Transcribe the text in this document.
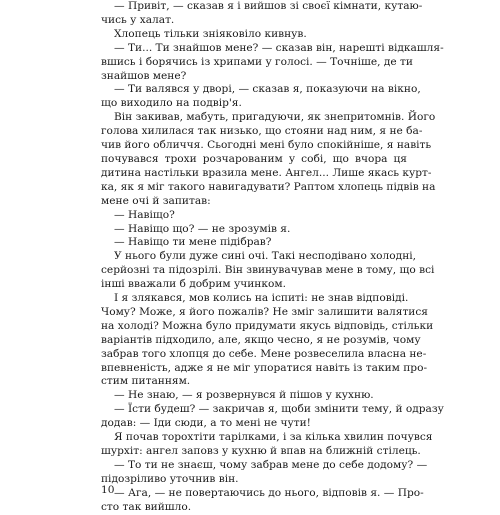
— Привіт, — сказав я і вийшов зі своєї кімнати, кутаю-
чись у халат.
Хлопець тільки зніяковіло кивнув.
— Ти... Ти знайшов мене? — сказав він, нарешті відкашля-
вшись і борячись із хрипами у голосі. — Точніше, де ти
знайшов мене?
— Ти валявся у дворі, — сказав я, показуючи на вікно,
що виходило на подвір'я.
Він закивав, мабуть, пригадуючи, як знепритомнів. Його
голова хилилася так низько, що стояни над ним, я не ба-
чив його обличчя. Сьогодні мені було спокійніше, я навіть
почувався трохи розчарованим у собі, що вчора ця
дитина настільки вразила мене. Ангел... Лише якась курт-
ка, як я міг такого навигадувати? Раптом хлопець підвів на
мене очі й запитав:
— Навіщо?
— Навіщо що? — не зрозумів я.
— Навіщо ти мене підібрав?
У нього були дуже сині очі. Такі несподівано холодні,
серйозні та підозрілі. Він звинувачував мене в тому, що всі
інші вважали б добрим учинком.
І я злякався, мов колись на іспиті: не знав відповіді.
Чому? Може, я його пожалів? Не зміг залишити валятися
на холоді? Можна було придумати якусь відповідь, стільки
варіантів підходило, але, якщо чесно, я не розумів, чому
забрав того хлопця до себе. Мене розвеселила власна не-
впевненість, адже я не міг упоратися навіть із таким про-
стим питанням.
— Не знаю, — я розвернувся й пішов у кухню.
— Їсти будеш? — закричав я, щоби змінити тему, й одразу
додав: — Іди сюди, а то мені не чути!
Я почав торохтіти тарілками, і за кілька хвилин почувся
шурхіт: ангел заповз у кухню й впав на ближній стілець.
— То ти не знаєш, чому забрав мене до себе додому? —
підозріливо уточнив він.
— Ага, — не повертаючись до нього, відповів я. — Про-
сто так вийшло.
10
